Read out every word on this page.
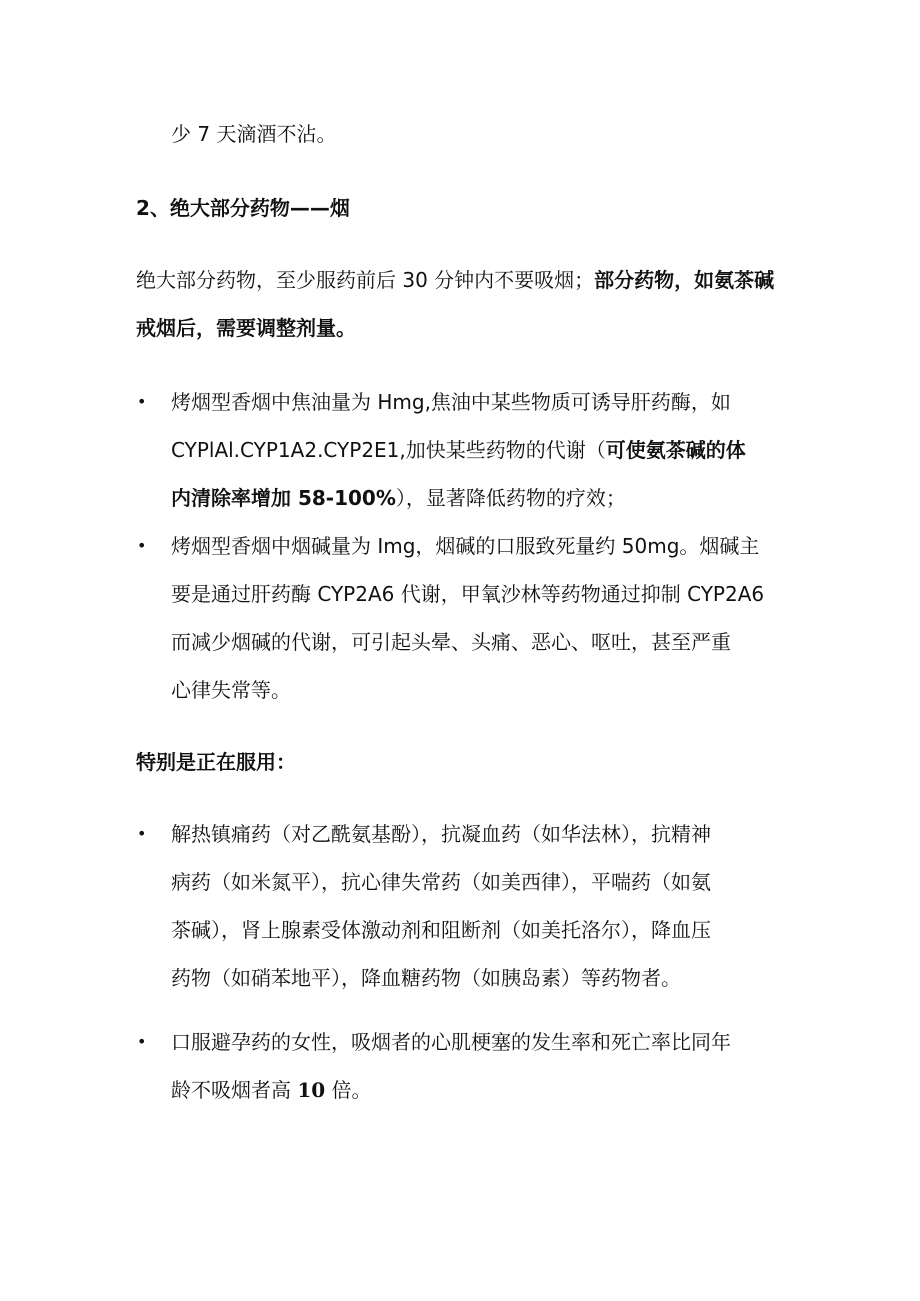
少 7 天滴酒不沾。

2、绝大部分药物——烟

绝大部分药物，至少服药前后 30 分钟内不要吸烟；部分药物，如氨茶碱戒烟后，需要调整剂量。

• 烤烟型香烟中焦油量为 Hmg,焦油中某些物质可诱导肝药酶，如
CYPlAl.CYP1A2.CYP2E1,加快某些药物的代谢（可使氨茶碱的体
内清除率增加 58-100%），显著降低药物的疗效；
• 烤烟型香烟中烟碱量为 Img，烟碱的口服致死量约 50mg。烟碱主
要是通过肝药酶 CYP2A6 代谢，甲氧沙林等药物通过抑制 CYP2A6
而减少烟碱的代谢，可引起头晕、头痛、恶心、呕吐，甚至严重
心律失常等。

特别是正在服用：

• 解热镇痛药（对乙酰氨基酚），抗凝血药（如华法林），抗精神
病药（如米氮平），抗心律失常药（如美西律），平喘药（如氨
茶碱），肾上腺素受体激动剂和阻断剂（如美托洛尔），降血压
药物（如硝苯地平），降血糖药物（如胰岛素）等药物者。
• 口服避孕药的女性，吸烟者的心肌梗塞的发生率和死亡率比同年
龄不吸烟者高 10 倍。
